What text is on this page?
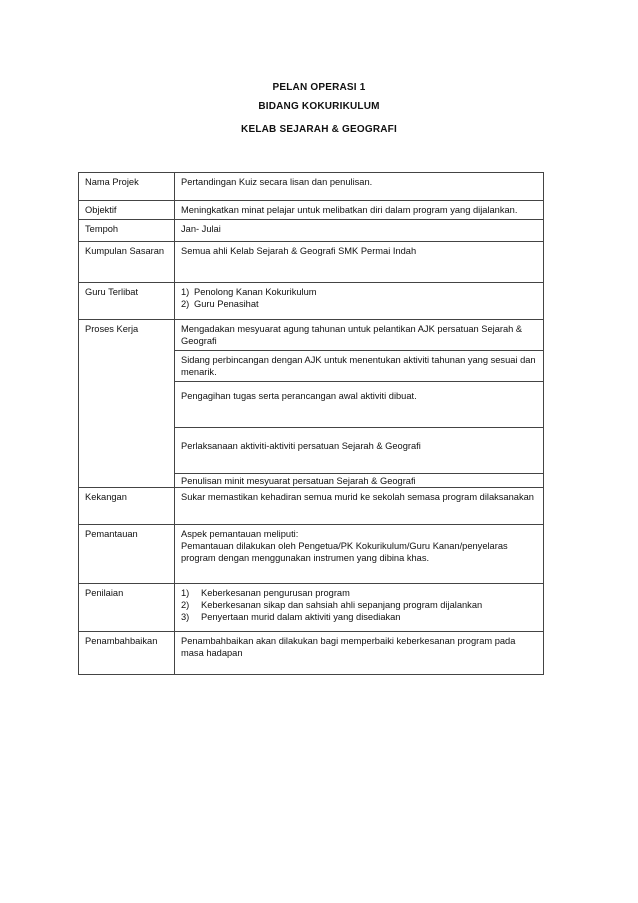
PELAN OPERASI 1
BIDANG KOKURIKULUM
KELAB SEJARAH & GEOGRAFI
Nama Projek	Pertandingan Kuiz secara lisan dan penulisan.
Objektif	Meningkatkan minat pelajar untuk melibatkan diri dalam program yang dijalankan.
Tempoh	Jan- Julai
Kumpulan Sasaran	Semua ahli Kelab Sejarah & Geografi SMK Permai Indah
Guru Terlibat	1) Penolong Kanan Kokurikulum
2) Guru Penasihat

Proses Kerja	Mengadakan mesyuarat agung tahunan untuk pelantikan AJK persatuan Sejarah & Geografi
	Sidang perbincangan dengan AJK untuk menentukan aktiviti tahunan yang sesuai dan menarik.
	Pengagihan tugas serta perancangan awal aktiviti dibuat.
	Perlaksanaan aktiviti-aktiviti persatuan Sejarah & Geografi
	Penulisan minit mesyuarat persatuan Sejarah & Geografi
Kekangan	Sukar memastikan kehadiran semua murid ke sekolah semasa program dilaksanakan
Pemantauan	Aspek pemantauan meliputi:
Pemantauan dilakukan oleh Pengetua/PK Kokurikulum/Guru Kanan/penyelaras program dengan menggunakan instrumen yang dibina khas.

Penilaian	1) Keberkesanan pengurusan program
2) Keberkesanan sikap dan sahsiah ahli sepanjang program dijalankan
3) Penyertaan murid dalam aktiviti yang disediakan

Penambahbaikan	Penambahbaikan akan dilakukan bagi memperbaiki keberkesanan program pada masa hadapan
